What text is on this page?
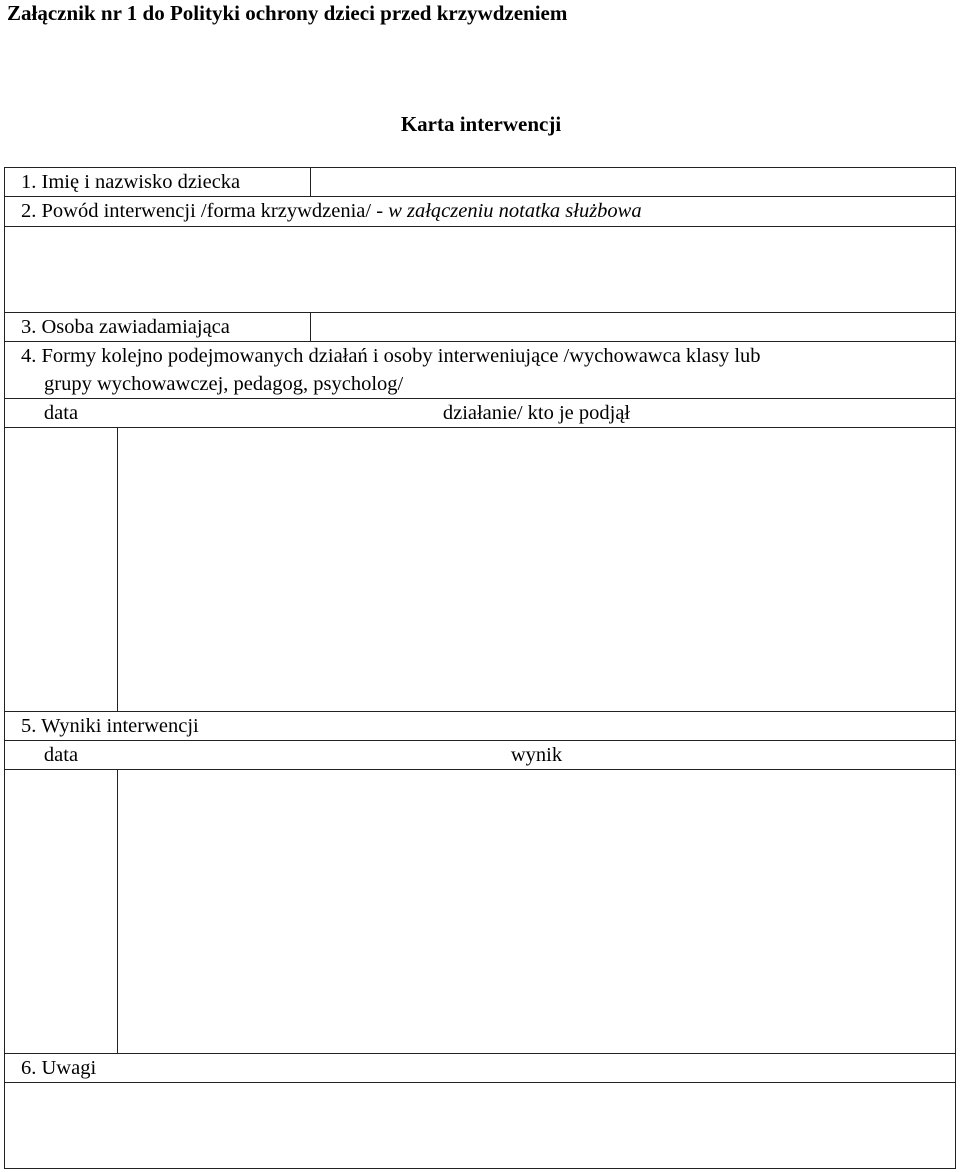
Załącznik nr 1 do Polityki ochrony dzieci przed krzywdzeniem
Karta interwencji
1. Imię i nazwisko dziecka
2. Powód interwencji /forma krzywdzenia/ - w załączeniu notatka służbowa
3. Osoba zawiadamiająca
4. Formy kolejno podejmowanych działań i osoby interweniujące /wychowawca klasy lub
grupy wychowawczej, pedagog, psycholog/
data	działanie/ kto je podjął
5. Wyniki interwencji
data	wynik
6. Uwagi
